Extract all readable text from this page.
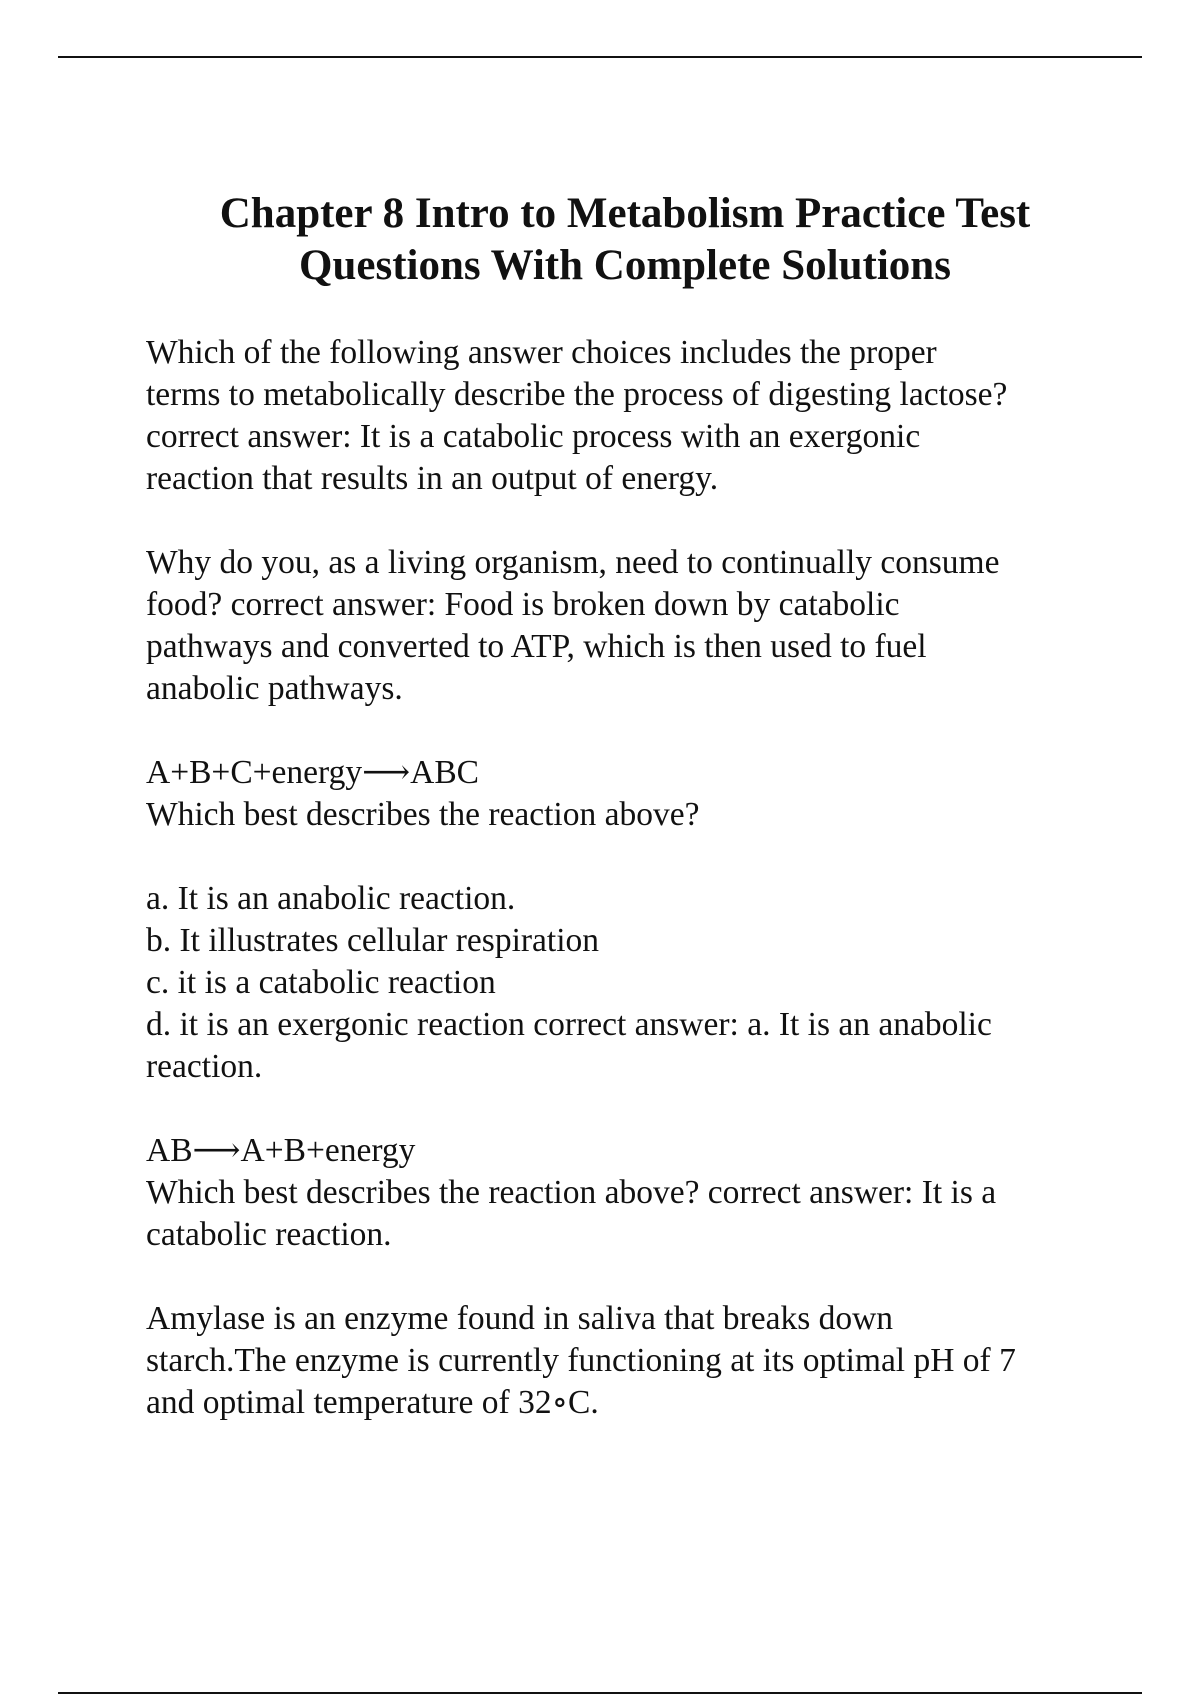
Chapter 8 Intro to Metabolism Practice Test
Questions With Complete Solutions

Which of the following answer choices includes the proper
terms to metabolically describe the process of digesting lactose?
correct answer: It is a catabolic process with an exergonic
reaction that results in an output of energy.

Why do you, as a living organism, need to continually consume
food? correct answer: Food is broken down by catabolic
pathways and converted to ATP, which is then used to fuel
anabolic pathways.

A+B+C+energy⟶ABC
Which best describes the reaction above?

a. It is an anabolic reaction.
b. It illustrates cellular respiration
c. it is a catabolic reaction
d. it is an exergonic reaction correct answer: a. It is an anabolic
reaction.

AB⟶A+B+energy
Which best describes the reaction above? correct answer: It is a
catabolic reaction.

Amylase is an enzyme found in saliva that breaks down
starch.The enzyme is currently functioning at its optimal pH of 7
and optimal temperature of 32∘C.
